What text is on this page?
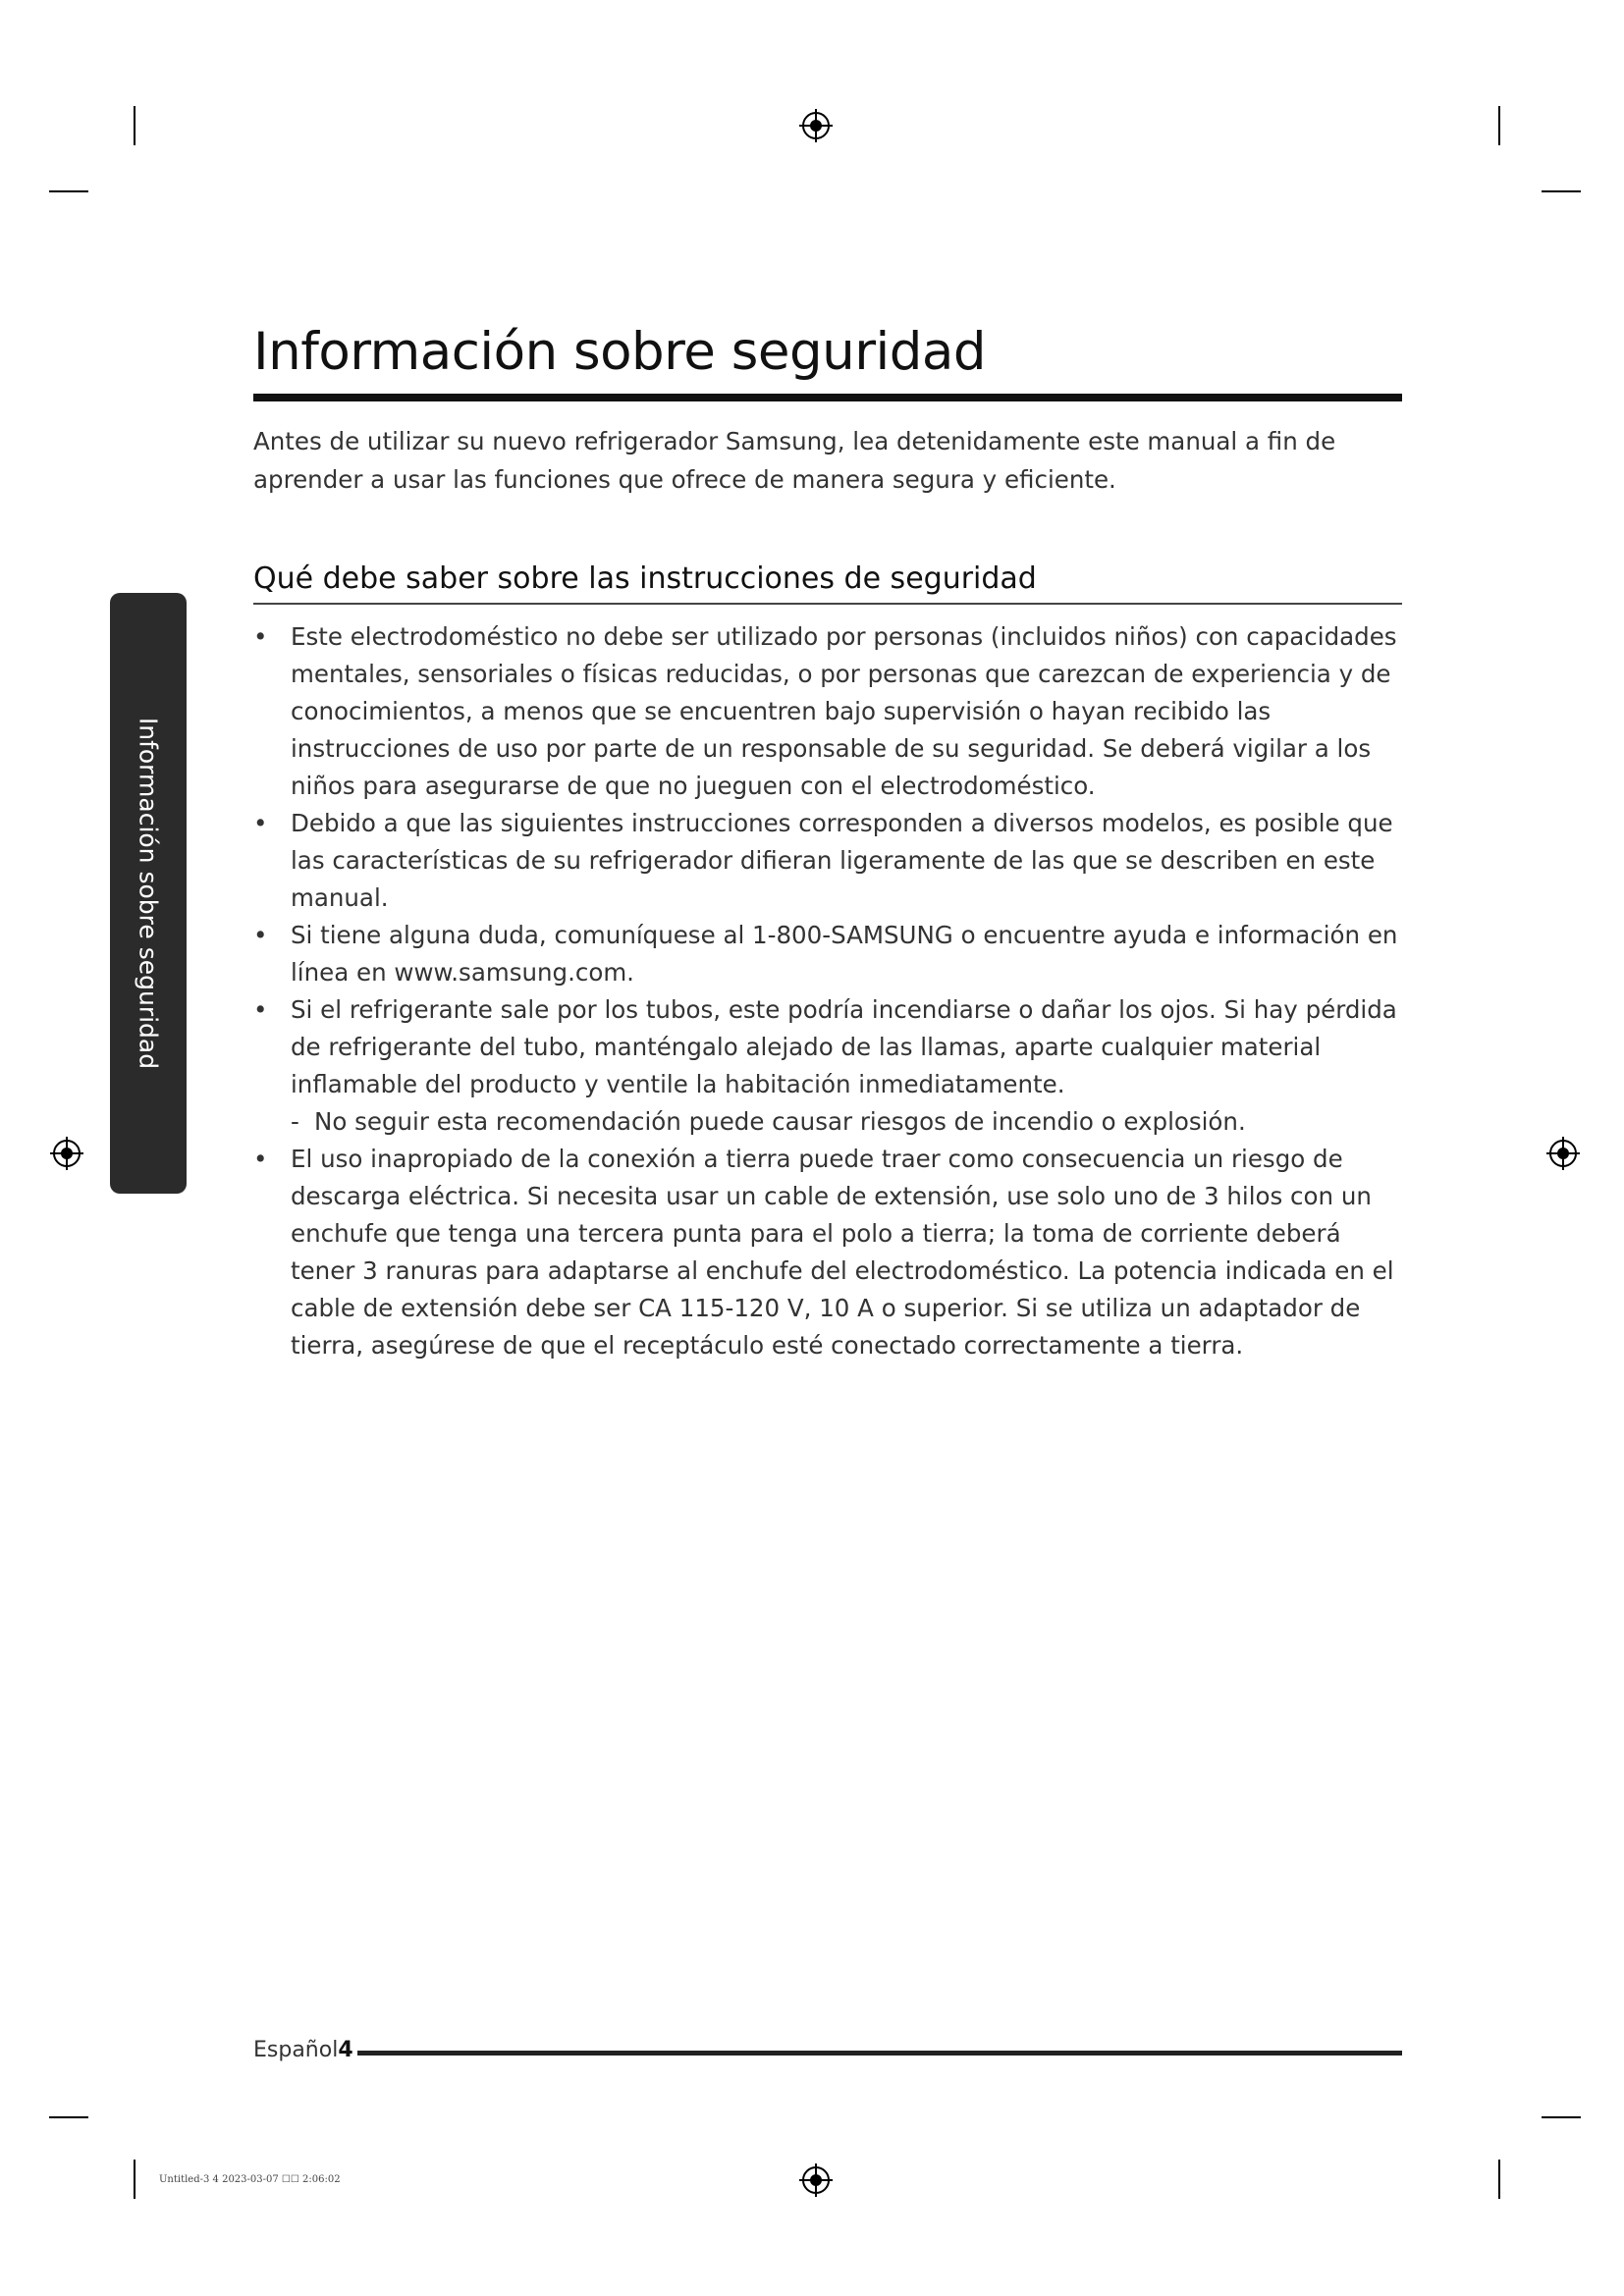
Información sobre seguridad
Información sobre seguridad

Antes de utilizar su nuevo refrigerador Samsung, lea detenidamente este manual a fin de aprender a usar las funciones que ofrece de manera segura y eficiente.

Qué debe saber sobre las instrucciones de seguridad
• Este electrodoméstico no debe ser utilizado por personas (incluidos niños) con capacidades mentales, sensoriales o físicas reducidas, o por personas que carezcan de experiencia y de conocimientos, a menos que se encuentren bajo supervisión o hayan recibido las instrucciones de uso por parte de un responsable de su seguridad. Se deberá vigilar a los niños para asegurarse de que no jueguen con el electrodoméstico.
• Debido a que las siguientes instrucciones corresponden a diversos modelos, es posible que las características de su refrigerador difieran ligeramente de las que se describen en este manual.
• Si tiene alguna duda, comuníquese al 1-800-SAMSUNG o encuentre ayuda e información en línea en www.samsung.com.
• Si el refrigerante sale por los tubos, este podría incendiarse o dañar los ojos. Si hay pérdida de refrigerante del tubo, manténgalo alejado de las llamas, aparte cualquier material inflamable del producto y ventile la habitación inmediatamente.
- No seguir esta recomendación puede causar riesgos de incendio o explosión.
• El uso inapropiado de la conexión a tierra puede traer como consecuencia un riesgo de descarga eléctrica. Si necesita usar un cable de extensión, use solo uno de 3 hilos con un enchufe que tenga una tercera punta para el polo a tierra; la toma de corriente deberá tener 3 ranuras para adaptarse al enchufe del electrodoméstico. La potencia indicada en el cable de extensión debe ser CA 115-120 V, 10 A o superior. Si se utiliza un adaptador de tierra, asegúrese de que el receptáculo esté conectado correctamente a tierra.
Español4
Untitled-3 4 2023-03-07 ☐☐ 2:06:02
